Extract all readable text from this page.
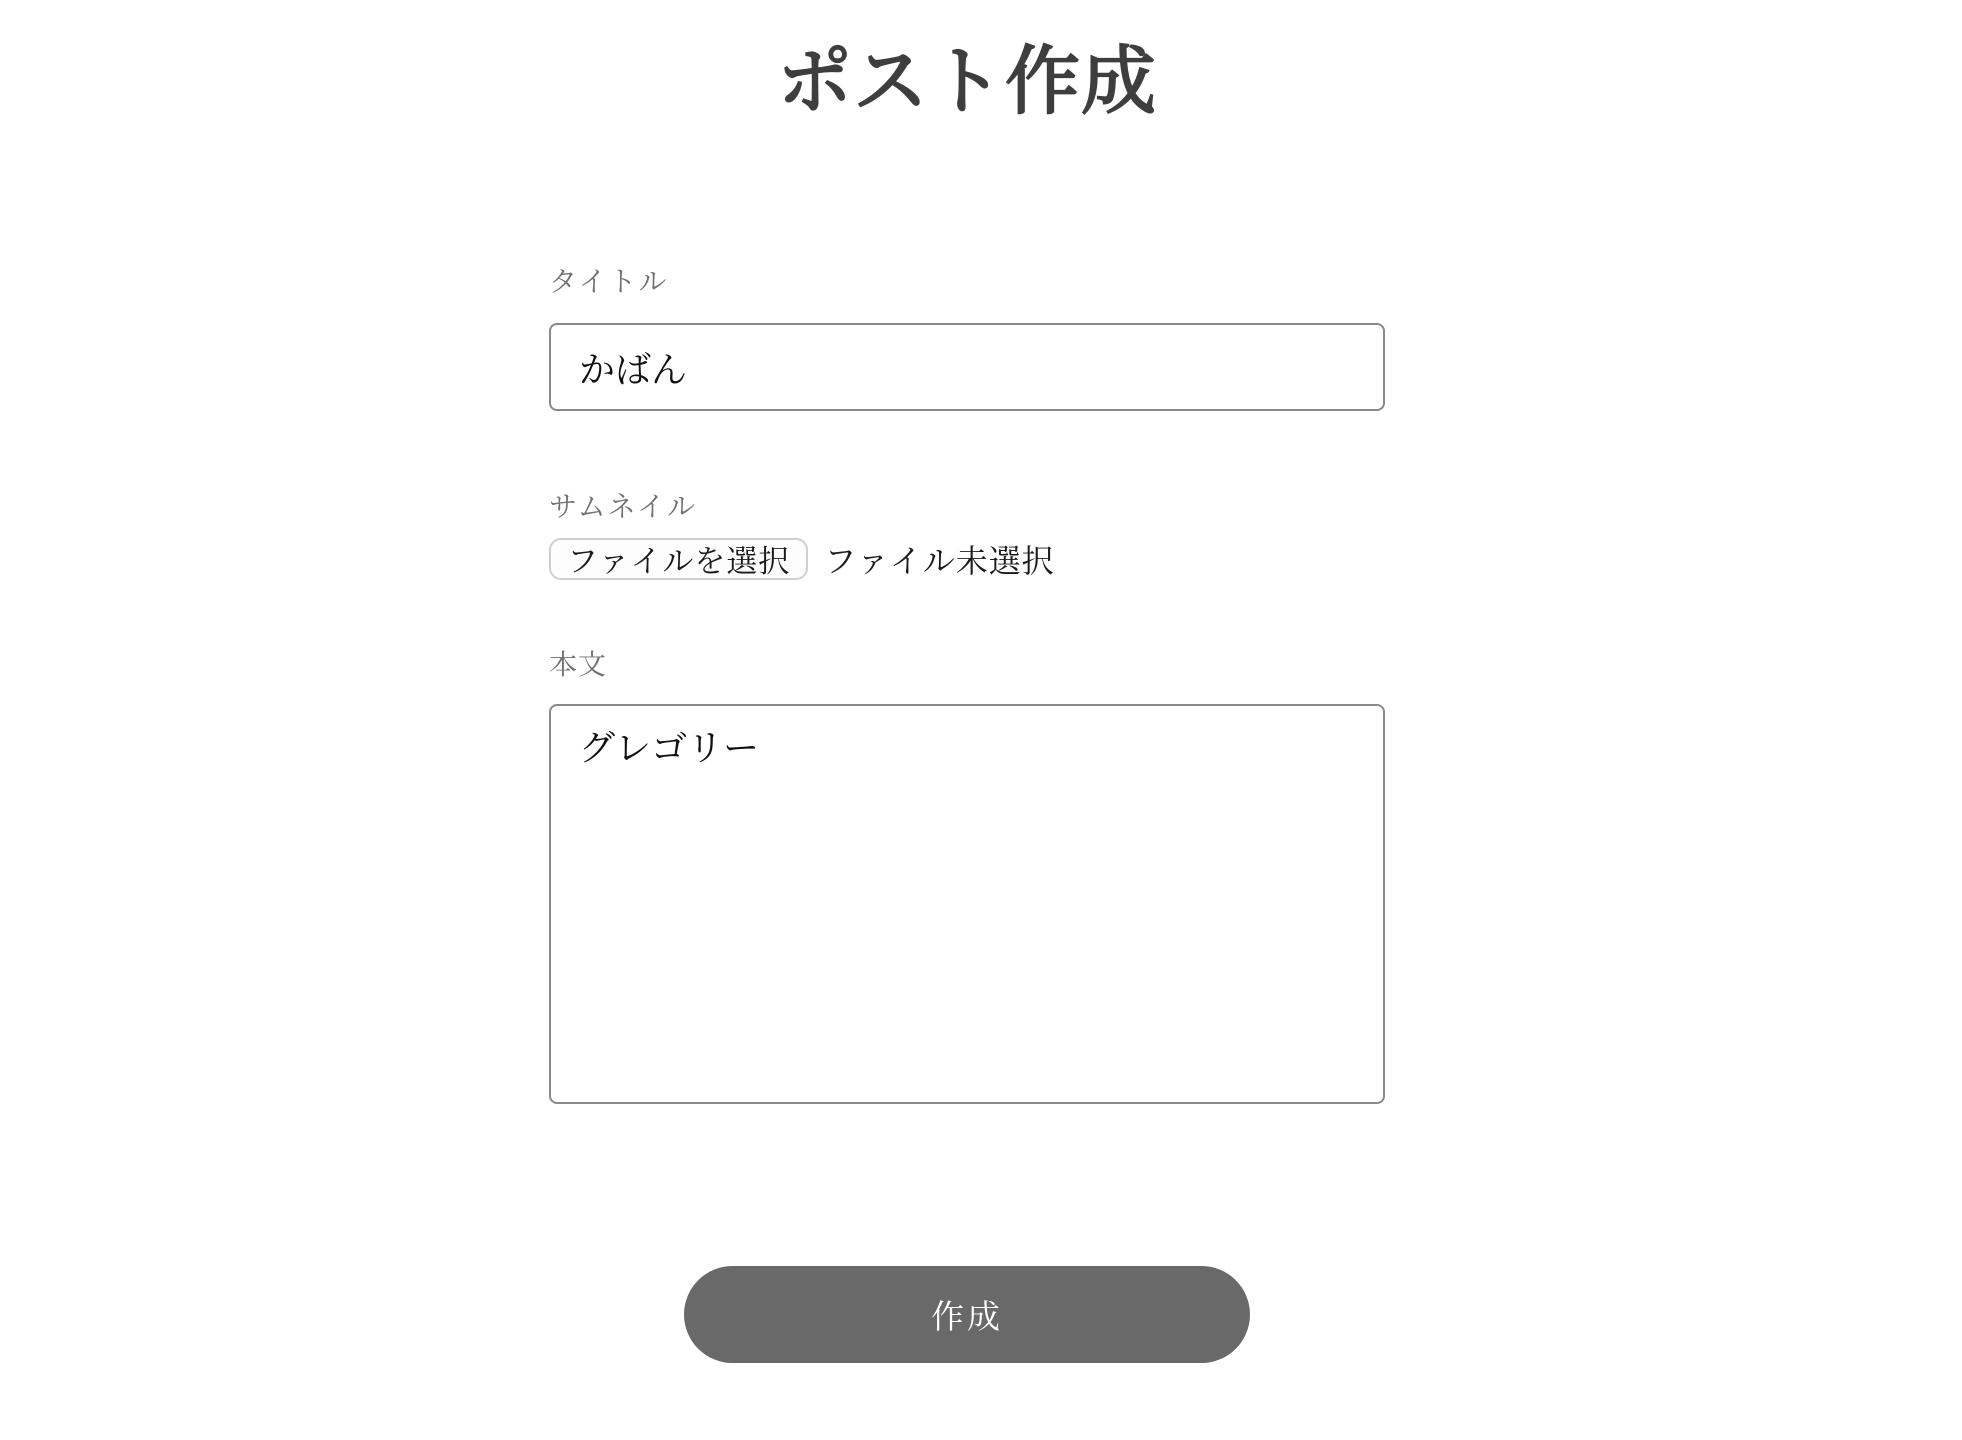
ポスト作成
タイトル
かばん
サムネイル
ファイルを選択	ファイル未選択
本文
グレゴリー
作成
